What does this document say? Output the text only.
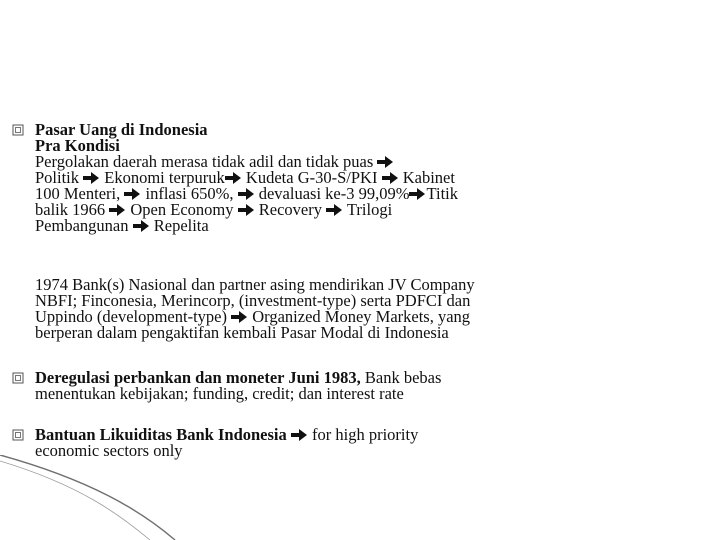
Pasar Uang di Indonesia
Pra Kondisi
Pergolakan daerah merasa tidak adil dan tidak puas
Politik Ekonomi terpuruk Kudeta G-30-S/PKI Kabinet
100 Menteri, inflasi 650%, devaluasi ke-3 99,09% Titik
balik 1966 Open Economy Recovery Trilogi
Pembangunan Repelita
1974 Bank(s) Nasional dan partner asing mendirikan JV Company
NBFI; Finconesia, Merincorp, (investment-type) serta PDFCI dan
Uppindo (development-type) Organized Money Markets, yang
berperan dalam pengaktifan kembali Pasar Modal di Indonesia
Deregulasi perbankan dan moneter Juni 1983, Bank bebas
menentukan kebijakan; funding, credit; dan interest rate
Bantuan Likuiditas Bank Indonesia for high priority
economic sectors only
